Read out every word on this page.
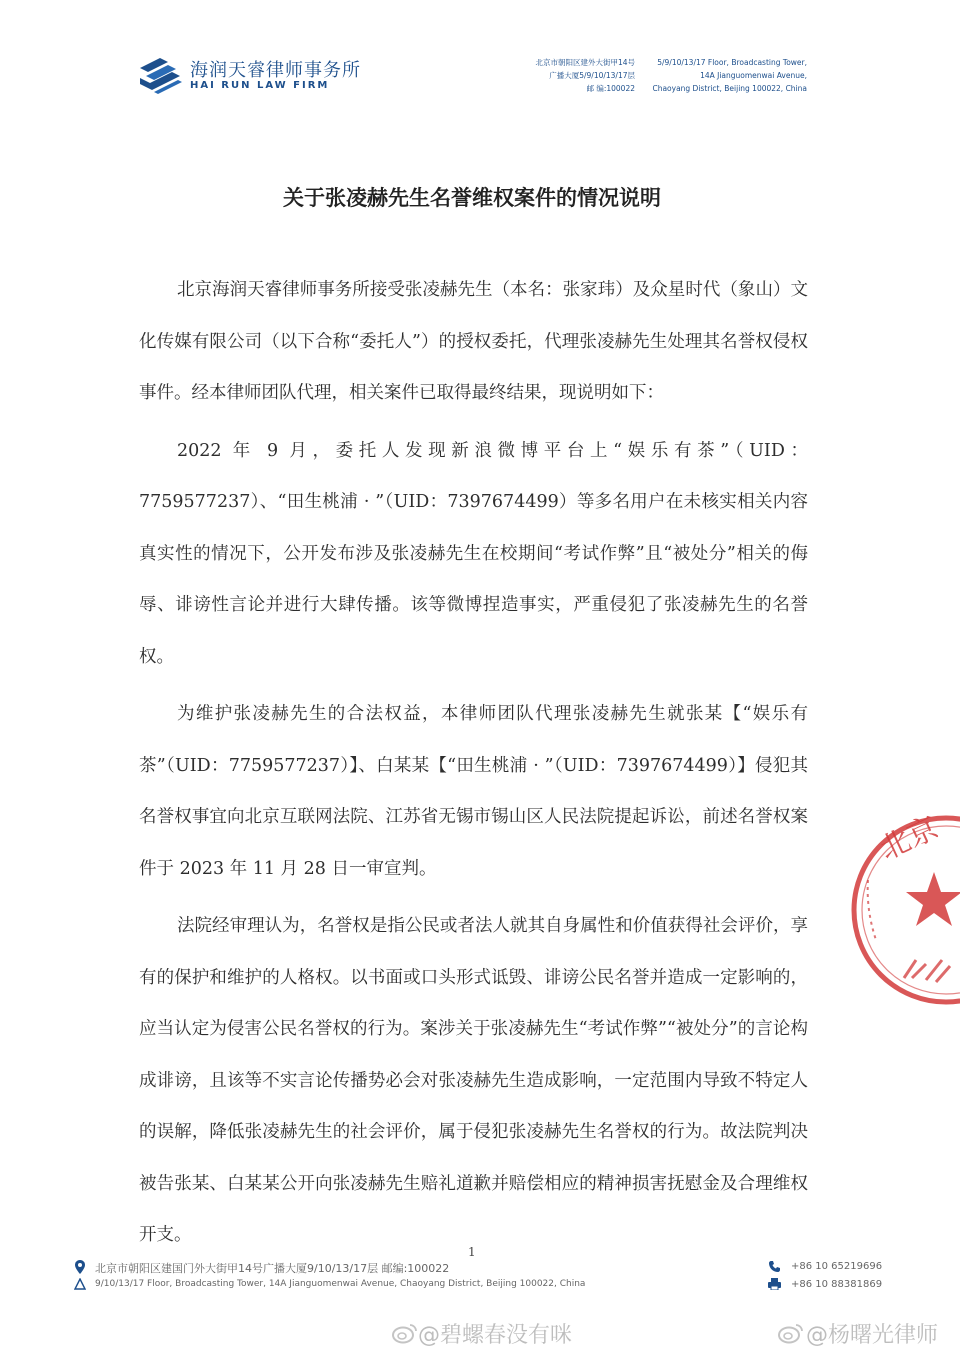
海润天睿律师事务所
HAI RUN LAW FIRM
北京市朝阳区建外大街甲14号
广播大厦5/9/10/13/17层
邮 编:100022
5/9/10/13/17 Floor, Broadcasting Tower,
14A Jianguomenwai Avenue,
Chaoyang District, Beijing 100022, China
关于张凌赫先生名誉维权案件的情况说明

北京海润天睿律师事务所接受张凌赫先生（本名：张家玮）及众星时代（象山）文化传媒有限公司（以下合称“委托人”）的授权委托，代理张凌赫先生处理其名誉权侵权事件。经本律师团队代理，相关案件已取得最终结果，现说明如下：

2022 年 9 月，委托人发现新浪微博平台上“娱乐有茶”（UID：7759577237）、“田生桃浦 · ”（UID：7397674499）等多名用户在未核实相关内容真实性的情况下，公开发布涉及张凌赫先生在校期间“考试作弊”且“被处分”相关的侮辱、诽谤性言论并进行大肆传播。该等微博捏造事实，严重侵犯了张凌赫先生的名誉权。

为维护张凌赫先生的合法权益，本律师团队代理张凌赫先生就张某【“娱乐有茶”（UID：7759577237）】、白某某【“田生桃浦 · ”（UID：7397674499）】侵犯其名誉权事宜向北京互联网法院、江苏省无锡市锡山区人民法院提起诉讼，前述名誉权案件于 2023 年 11 月 28 日一审宣判。

法院经审理认为，名誉权是指公民或者法人就其自身属性和价值获得社会评价，享有的保护和维护的人格权。以书面或口头形式诋毁、诽谤公民名誉并造成一定影响的，应当认定为侵害公民名誉权的行为。案涉关于张凌赫先生“考试作弊”“被处分”的言论构成诽谤，且该等不实言论传播势必会对张凌赫先生造成影响，一定范围内导致不特定人的误解，降低张凌赫先生的社会评价，属于侵犯张凌赫先生名誉权的行为。故法院判决被告张某、白某某公开向张凌赫先生赔礼道歉并赔偿相应的精神损害抚慰金及合理维权开支。

北京
1
北京市朝阳区建国门外大街甲14号广播大厦9/10/13/17层 邮编:100022
9/10/13/17 Floor, Broadcasting Tower, 14A Jianguomenwai Avenue, Chaoyang District, Beijing 100022, China
+86 10 65219696
+86 10 88381869
@碧螺春没有咪	@杨曙光律师
